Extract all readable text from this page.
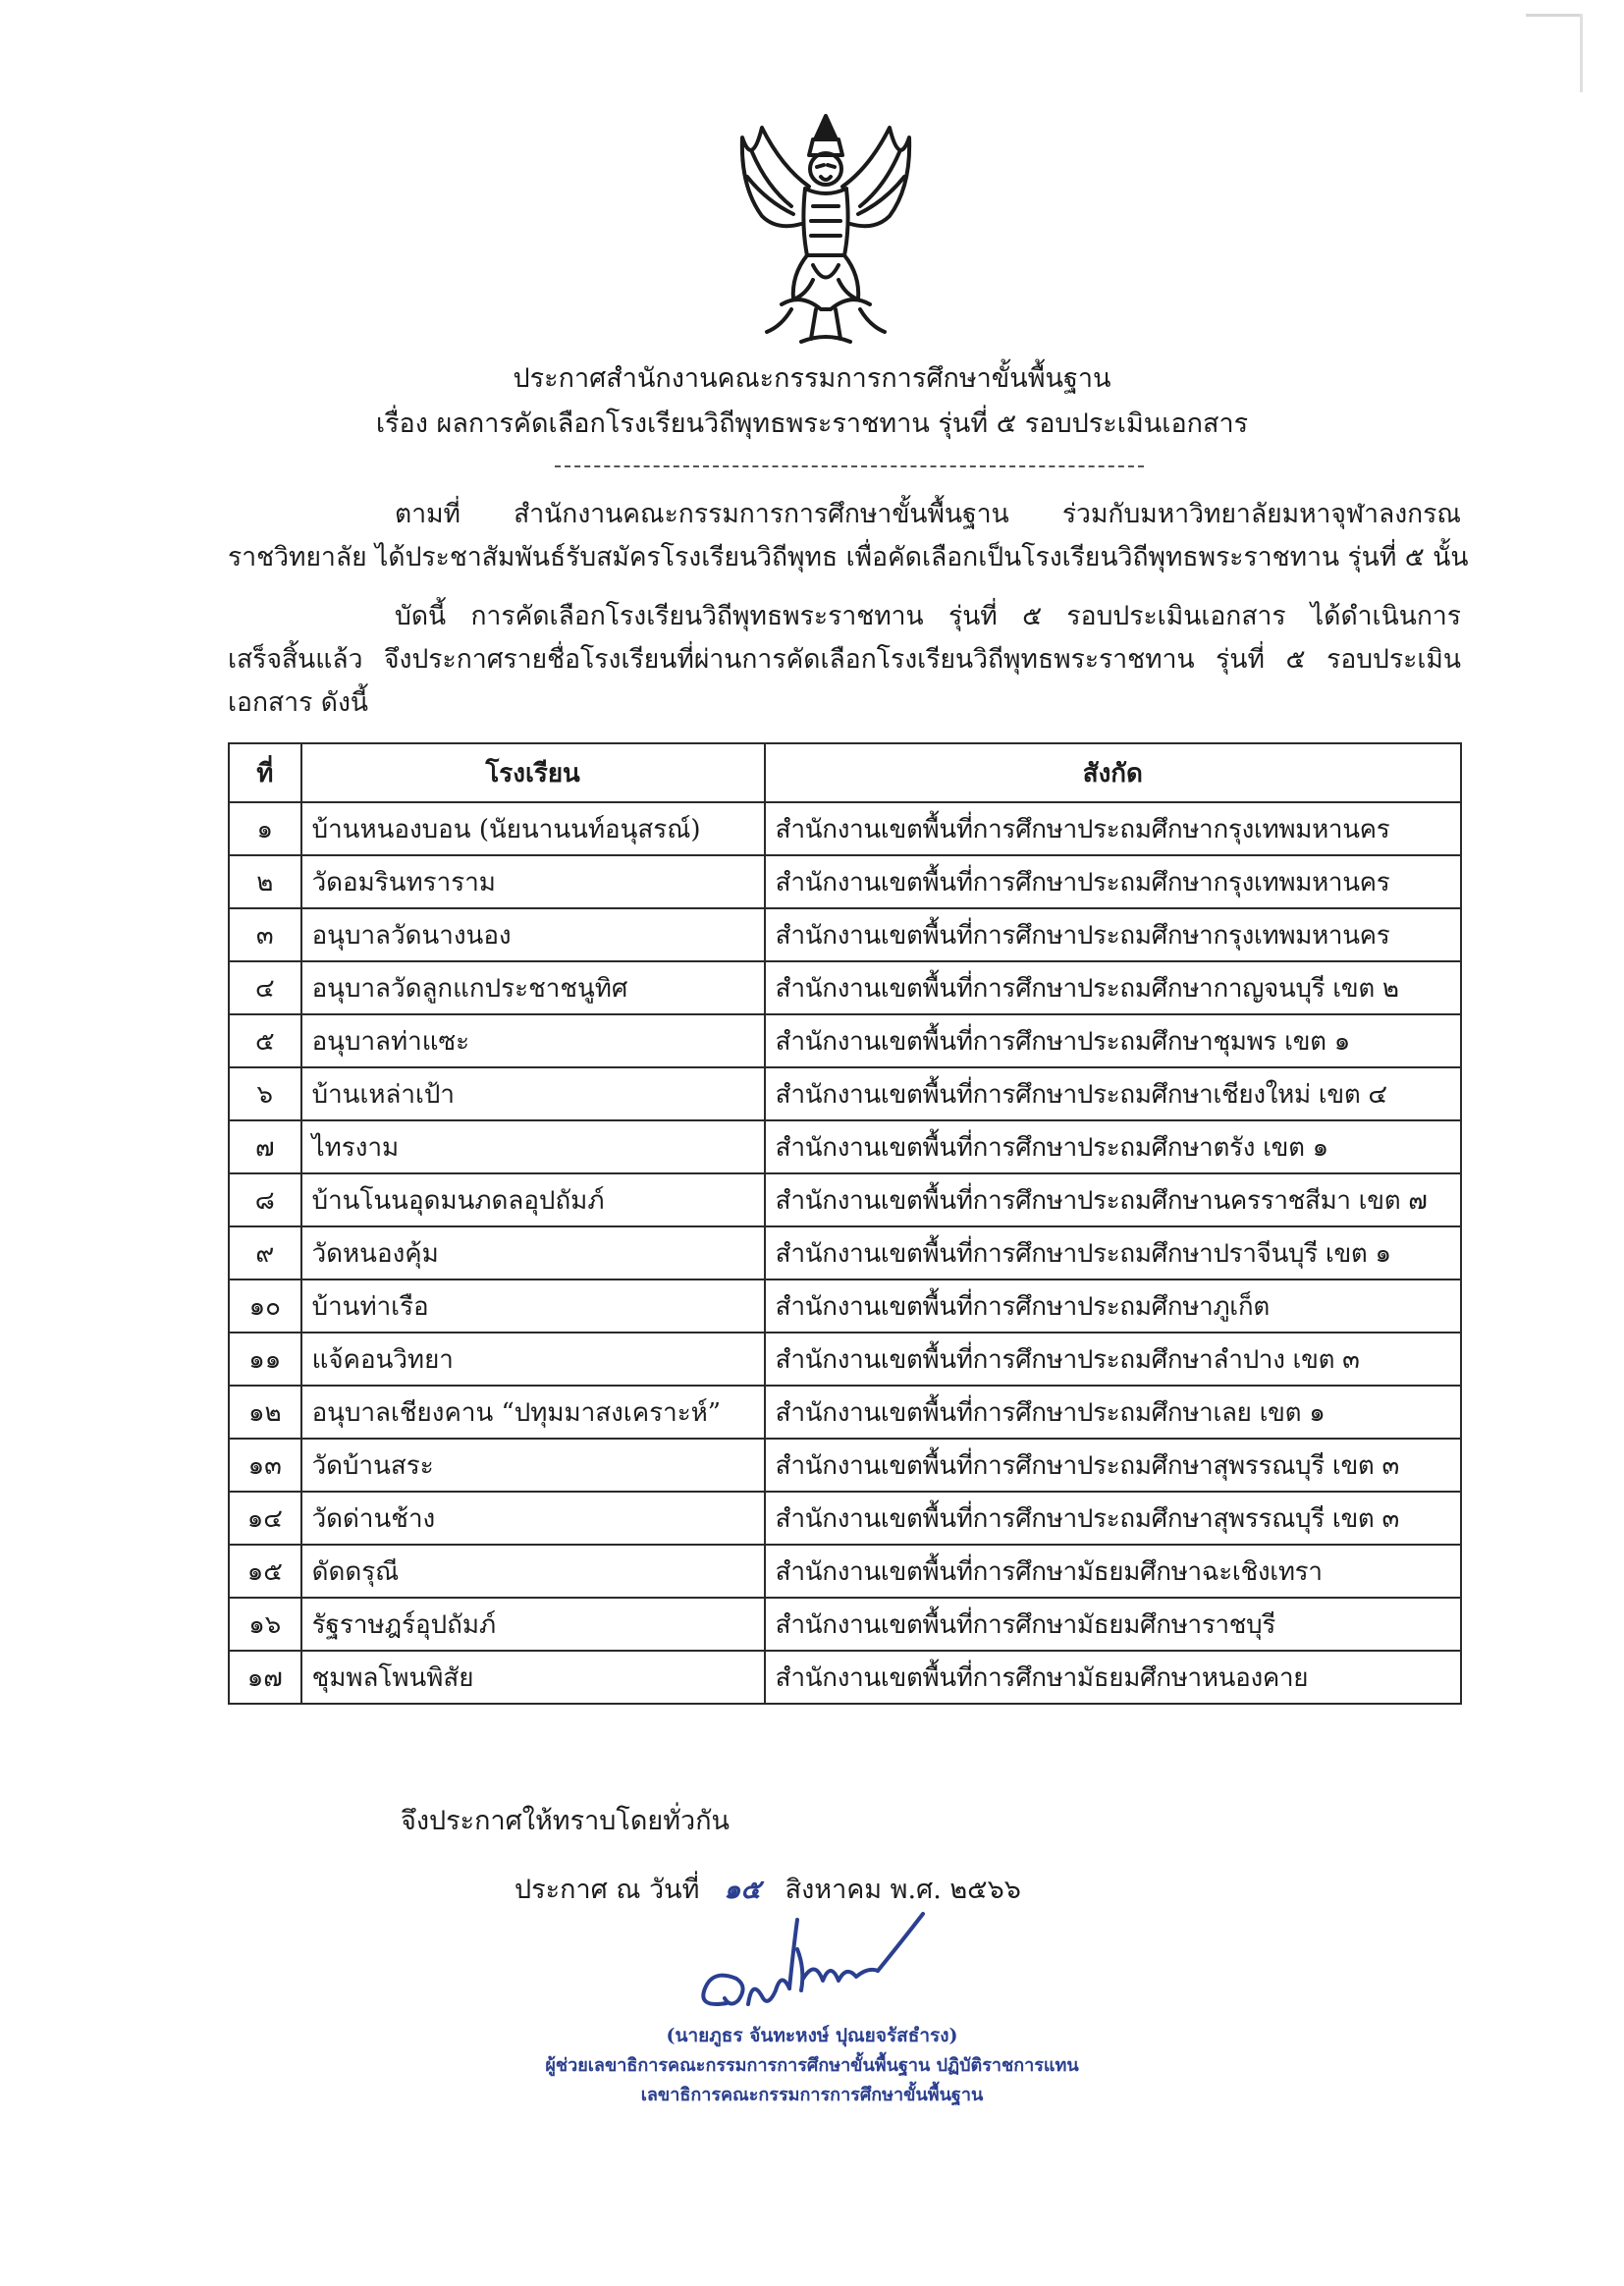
ประกาศสำนักงานคณะกรรมการการศึกษาขั้นพื้นฐาน
เรื่อง ผลการคัดเลือกโรงเรียนวิถีพุทธพระราชทาน รุ่นที่ ๕ รอบประเมินเอกสาร
ตามที่ สำนักงานคณะกรรมการการศึกษาขั้นพื้นฐาน ร่วมกับมหาวิทยาลัยมหาจุฬาลงกรณ
ราชวิทยาลัย ได้ประชาสัมพันธ์รับสมัครโรงเรียนวิถีพุทธ เพื่อคัดเลือกเป็นโรงเรียนวิถีพุทธพระราชทาน รุ่นที่ ๕ นั้น
บัดนี้ การคัดเลือกโรงเรียนวิถีพุทธพระราชทาน รุ่นที่ ๕ รอบประเมินเอกสาร ได้ดำเนินการ
เสร็จสิ้นแล้ว จึงประกาศรายชื่อโรงเรียนที่ผ่านการคัดเลือกโรงเรียนวิถีพุทธพระราชทาน รุ่นที่ ๕ รอบประเมิน
เอกสาร ดังนี้
ที่	โรงเรียน	สังกัด
๑	บ้านหนองบอน (นัยนานนท์อนุสรณ์)	สำนักงานเขตพื้นที่การศึกษาประถมศึกษากรุงเทพมหานคร
๒	วัดอมรินทราราม	สำนักงานเขตพื้นที่การศึกษาประถมศึกษากรุงเทพมหานคร
๓	อนุบาลวัดนางนอง	สำนักงานเขตพื้นที่การศึกษาประถมศึกษากรุงเทพมหานคร
๔	อนุบาลวัดลูกแกประชาชนูทิศ	สำนักงานเขตพื้นที่การศึกษาประถมศึกษากาญจนบุรี เขต ๒
๕	อนุบาลท่าแซะ	สำนักงานเขตพื้นที่การศึกษาประถมศึกษาชุมพร เขต ๑
๖	บ้านเหล่าเป้า	สำนักงานเขตพื้นที่การศึกษาประถมศึกษาเชียงใหม่ เขต ๔
๗	ไทรงาม	สำนักงานเขตพื้นที่การศึกษาประถมศึกษาตรัง เขต ๑
๘	บ้านโนนอุดมนภดลอุปถัมภ์	สำนักงานเขตพื้นที่การศึกษาประถมศึกษานครราชสีมา เขต ๗
๙	วัดหนองคุ้ม	สำนักงานเขตพื้นที่การศึกษาประถมศึกษาปราจีนบุรี เขต ๑
๑๐	บ้านท่าเรือ	สำนักงานเขตพื้นที่การศึกษาประถมศึกษาภูเก็ต
๑๑	แจ้คอนวิทยา	สำนักงานเขตพื้นที่การศึกษาประถมศึกษาลำปาง เขต ๓
๑๒	อนุบาลเชียงคาน “ปทุมมาสงเคราะห์”	สำนักงานเขตพื้นที่การศึกษาประถมศึกษาเลย เขต ๑
๑๓	วัดบ้านสระ	สำนักงานเขตพื้นที่การศึกษาประถมศึกษาสุพรรณบุรี เขต ๓
๑๔	วัดด่านช้าง	สำนักงานเขตพื้นที่การศึกษาประถมศึกษาสุพรรณบุรี เขต ๓
๑๕	ดัดดรุณี	สำนักงานเขตพื้นที่การศึกษามัธยมศึกษาฉะเชิงเทรา
๑๖	รัฐราษฎร์อุปถัมภ์	สำนักงานเขตพื้นที่การศึกษามัธยมศึกษาราชบุรี
๑๗	ชุมพลโพนพิสัย	สำนักงานเขตพื้นที่การศึกษามัธยมศึกษาหนองคาย
จึงประกาศให้ทราบโดยทั่วกัน
ประกาศ ณ วันที่ ๑๕ สิงหาคม พ.ศ. ๒๕๖๖
(นายภูธร จันทะหงษ์ ปุณยจรัสธำรง)
ผู้ช่วยเลขาธิการคณะกรรมการการศึกษาขั้นพื้นฐาน ปฏิบัติราชการแทน
เลขาธิการคณะกรรมการการศึกษาขั้นพื้นฐาน
